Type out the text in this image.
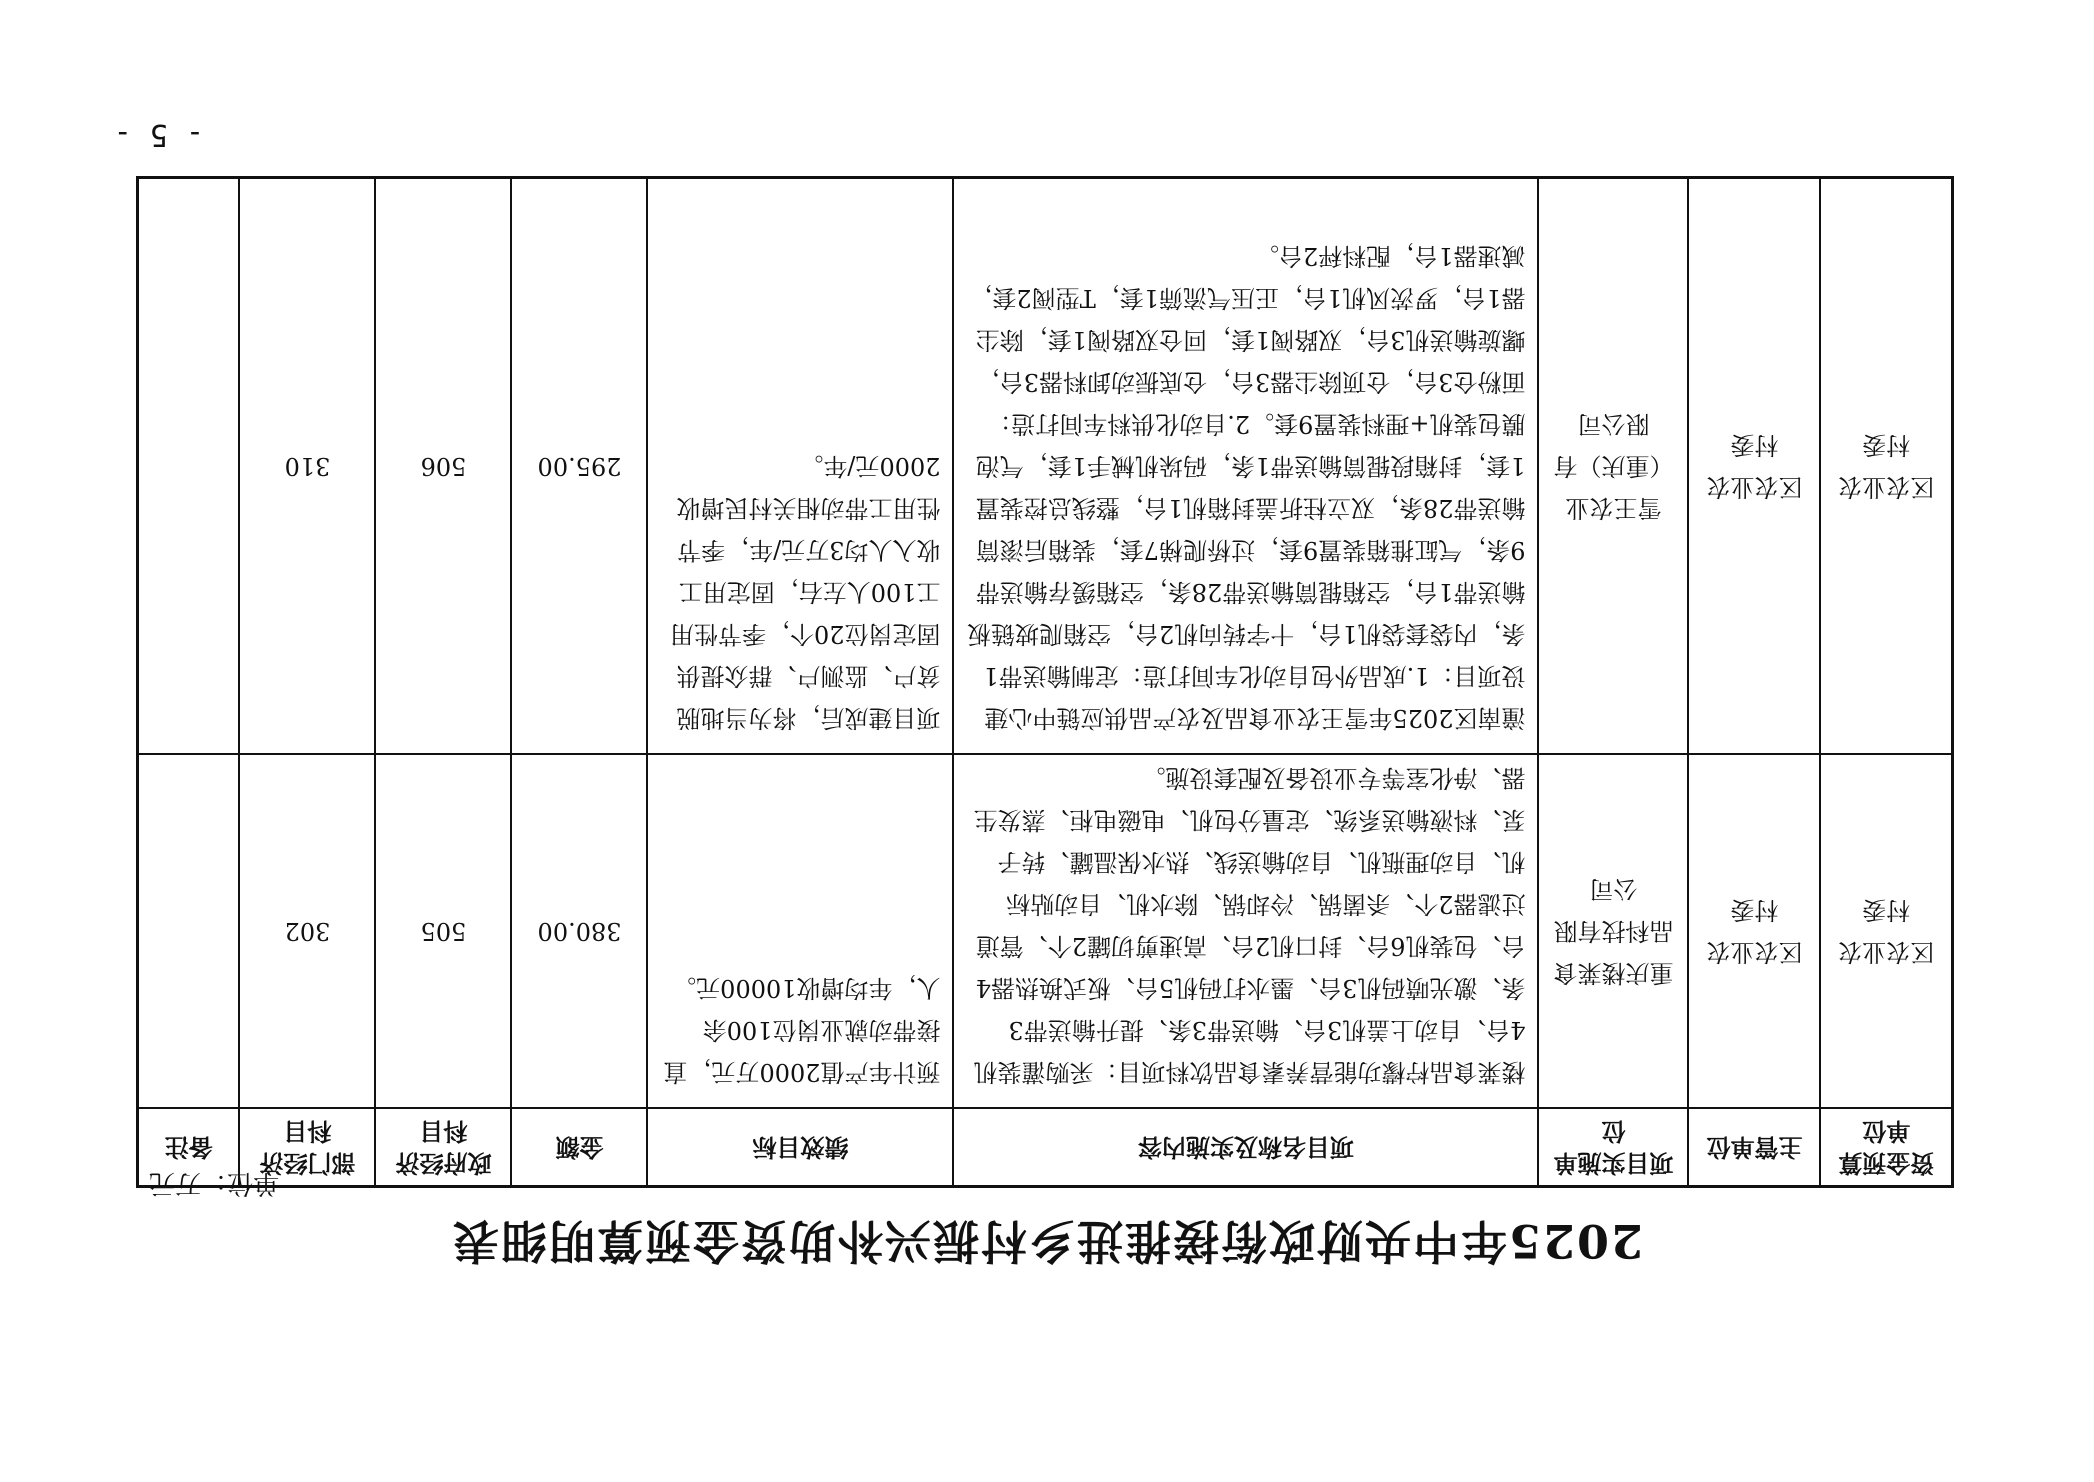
2025年中央财政衔接推进乡村振兴补助资金预算明细表
单位：万元
资金预算单位	主管单位	项目实施单位	项目名称及实施内容	绩效目标	金额	政府经济科目	部门经济科目	备注
区农业农村委	区农业农村委	重庆楼莱食品科技有限公司	楼莱食品柠檬功能营养素食品饮料项目：采购灌装机4台、自动上盖机3台、输送带3条、提升输送带3条、激光喷码机3台、墨水打码机5台、板式换热器4台、包装机6台、封口机2台、高速剪切罐2个、管道过滤器2个、杀菌锅、冷却锅、除水机、自动贴标机、自动理瓶机、自动输送线、热水保温罐、转子泵、料液输送系统、定量分包机、电磁电柜、蒸发生器、净化室等专业设备及配套设施。	预计年产值2000万元，直接带动就业岗位100余人，年均增收10000元。	380.00	505	302	
区农业农村委	区农业农村委	雪王农业（重庆）有限公司	潼南区2025年雪王农业食品及农产品供应链中心建设项目：1.成品外包自动化车间打造：定制输送带1条，内袋套袋机1台，十字转向机2台，空箱爬坡链板输送带1台，空箱辊筒输送带28条，空箱缓存输送带9条，气缸推箱装置9套，过桥爬梯7套，装箱后滚筒输送带28条，双立柱折盖封箱机1台，整线总控装置1套，封箱段辊筒输送带1条，码垛机械手1套，气泡膜包装机+理料装置9套。2.自动化供料车间打造：面粉仓3台，仓顶除尘器3台，仓底振动卸料器3台，螺旋输送机3台，双路阀1套，回仓双路阀1套，除尘器1台，罗茨风机1台，正压气流筛1套，T型阀2套，减速器1台，配料秤2台。	项目建成后，将为当地脱贫户、监测户、群众提供固定岗位20个，季节性用工100人左右，固定用工收入人均3万元/年，季节性用工带动相关村民增收2000元/年。	295.00	506	310	
- 5 -
